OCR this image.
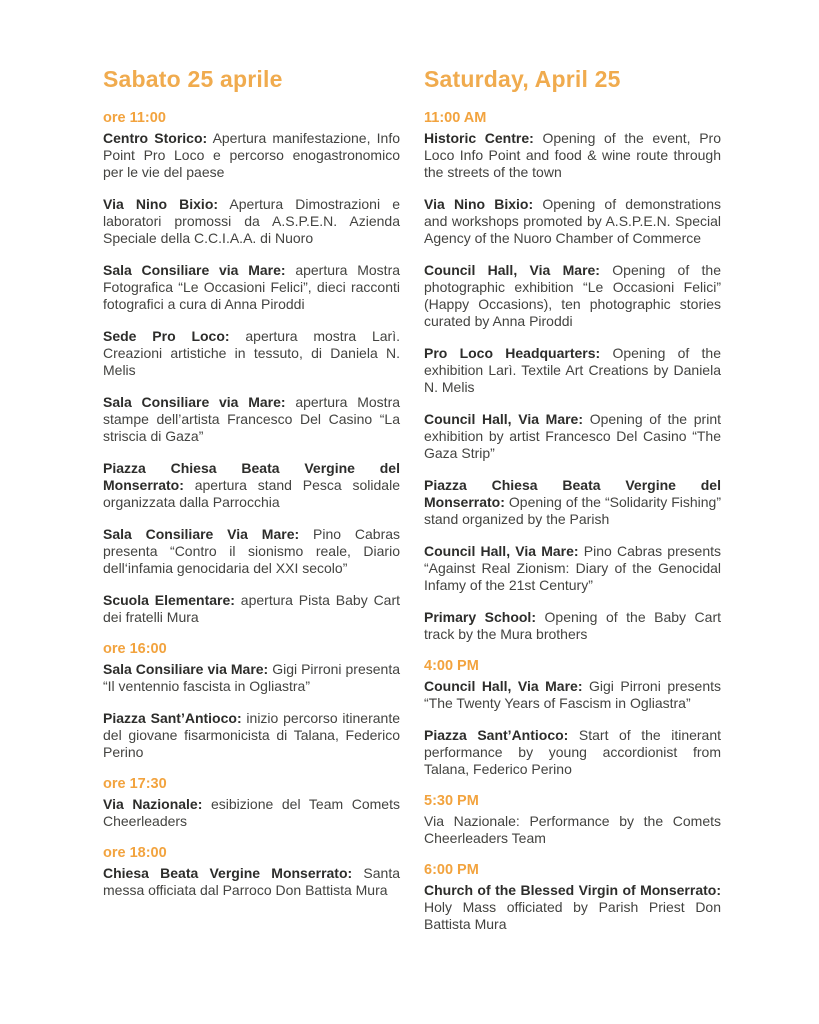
Sabato 25 aprile
ore 11:00

Centro Storico: Apertura manifestazione, Info Point Pro Loco e percorso enogastronomico per le vie del paese

Via Nino Bixio: Apertura Dimostrazioni e laboratori promossi da A.S.P.E.N. Azienda Speciale della C.C.I.A.A. di Nuoro

Sala Consiliare via Mare: apertura Mostra Fotografica “Le Occasioni Felici”, dieci racconti fotografici a cura di Anna Piroddi

Sede Pro Loco: apertura mostra Larì. Creazioni artistiche in tessuto, di Daniela N. Melis

Sala Consiliare via Mare: apertura Mostra stampe dell’artista Francesco Del Casino “La striscia di Gaza”

Piazza Chiesa Beata Vergine del Monserrato: apertura stand Pesca solidale organizzata dalla Parrocchia

Sala Consiliare Via Mare: Pino Cabras presenta “Contro il sionismo reale, Diario dell‘infamia genocidaria del XXI secolo”

Scuola Elementare: apertura Pista Baby Cart dei fratelli Mura

ore 16:00

Sala Consiliare via Mare: Gigi Pirroni presenta “Il ventennio fascista in Ogliastra”

Piazza Sant’Antioco: inizio percorso itinerante del giovane fisarmonicista di Talana, Federico Perino

ore 17:30

Via Nazionale: esibizione del Team Comets Cheerleaders

ore 18:00

Chiesa Beata Vergine Monserrato: Santa messa officiata dal Parroco Don Battista Mura

Saturday, April 25
11:00 AM

Historic Centre: Opening of the event, Pro Loco Info Point and food & wine route through the streets of the town

Via Nino Bixio: Opening of demonstrations and workshops promoted by A.S.P.E.N. Special Agency of the Nuoro Chamber of Commerce

Council Hall, Via Mare: Opening of the photographic exhibition “Le Occasioni Felici” (Happy Occasions), ten photographic stories curated by Anna Piroddi

Pro Loco Headquarters: Opening of the exhibition Larì. Textile Art Creations by Daniela N. Melis

Council Hall, Via Mare: Opening of the print exhibition by artist Francesco Del Casino “The Gaza Strip”

Piazza Chiesa Beata Vergine del Monserrato: Opening of the “Solidarity Fishing” stand organized by the Parish

Council Hall, Via Mare: Pino Cabras presents “Against Real Zionism: Diary of the Genocidal Infamy of the 21st Century”

Primary School: Opening of the Baby Cart track by the Mura brothers

4:00 PM

Council Hall, Via Mare: Gigi Pirroni presents “The Twenty Years of Fascism in Ogliastra”

Piazza Sant’Antioco: Start of the itinerant performance by young accordionist from Talana, Federico Perino

5:30 PM

Via Nazionale: Performance by the Comets Cheerleaders Team

6:00 PM

Church of the Blessed Virgin of Monserrato: Holy Mass officiated by Parish Priest Don Battista Mura
